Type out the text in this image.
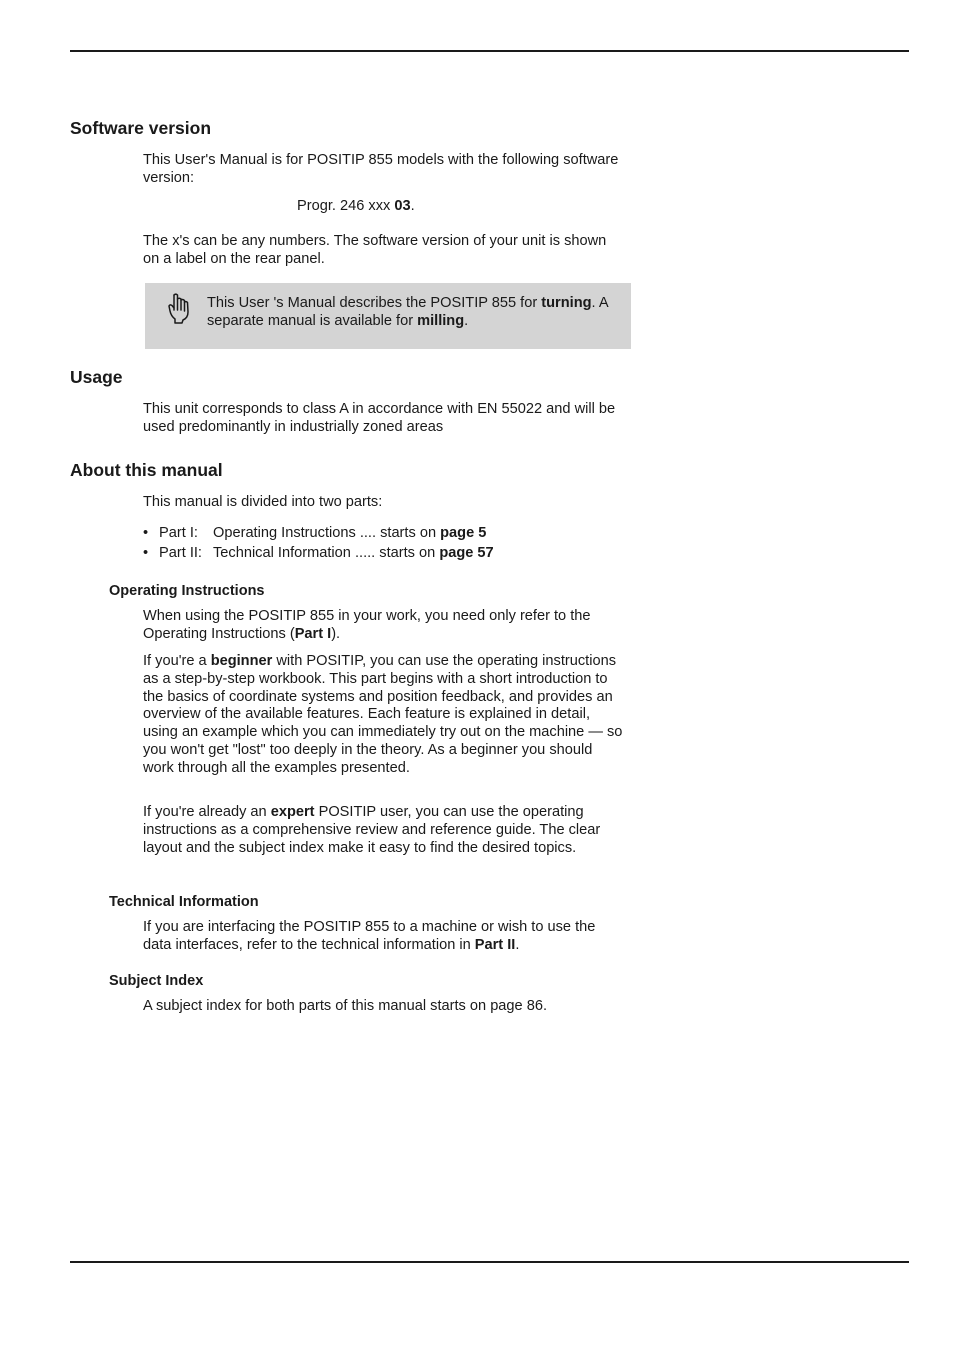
Software version

This User's Manual is for POSITIP 855 models with the following software version:

Progr. 246 xxx 03.

The x's can be any numbers. The software version of your unit is shown on a label on the rear panel.

This User 's Manual describes the POSITIP 855 for turning. A separate manual is available for milling.
Usage

This unit corresponds to class A in accordance with EN 55022 and will be used predominantly in industrially zoned areas

About this manual

This manual is divided into two parts:

• Part I: Operating Instructions .... starts on page 5
• Part II: Technical Information ..... starts on page 57
Operating Instructions

When using the POSITIP 855 in your work, you need only refer to the Operating Instructions (Part I).

If you're a beginner with POSITIP, you can use the operating instructions as a step-by-step workbook. This part begins with a short introduction to the basics of coordinate systems and position feedback, and provides an overview of the available features. Each feature is explained in detail, using an example which you can immediately try out on the machine — so you won't get "lost" too deeply in the theory. As a beginner you should work through all the examples presented.

If you're already an expert POSITIP user, you can use the operating instructions as a comprehensive review and reference guide. The clear layout and the subject index make it easy to find the desired topics.

Technical Information

If you are interfacing the POSITIP 855 to a machine or wish to use the data interfaces, refer to the technical information in Part II.

Subject Index

A subject index for both parts of this manual starts on page 86.
